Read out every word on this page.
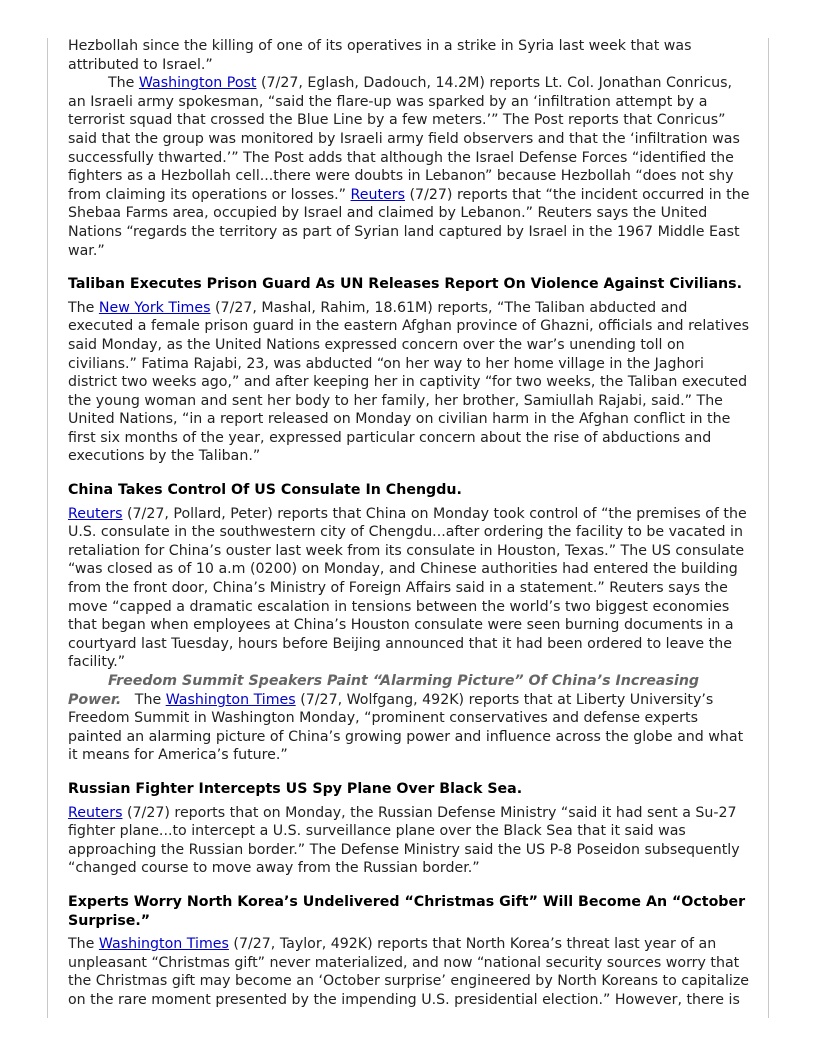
Hezbollah since the killing of one of its operatives in a strike in Syria last week that was attributed to Israel.”

The Washington Post (7/27, Eglash, Dadouch, 14.2M) reports Lt. Col. Jonathan Conricus, an Israeli army spokesman, “said the flare-up was sparked by an ‘infiltration attempt by a terrorist squad that crossed the Blue Line by a few meters.’” The Post reports that Conricus” said that the group was monitored by Israeli army field observers and that the ‘infiltration was successfully thwarted.’” The Post adds that although the Israel Defense Forces “identified the fighters as a Hezbollah cell...there were doubts in Lebanon” because Hezbollah “does not shy from claiming its operations or losses.” Reuters (7/27) reports that “the incident occurred in the Shebaa Farms area, occupied by Israel and claimed by Lebanon.” Reuters says the United Nations “regards the territory as part of Syrian land captured by Israel in the 1967 Middle East war.”

Taliban Executes Prison Guard As UN Releases Report On Violence Against Civilians.

The New York Times (7/27, Mashal, Rahim, 18.61M) reports, “The Taliban abducted and executed a female prison guard in the eastern Afghan province of Ghazni, officials and relatives said Monday, as the United Nations expressed concern over the war’s unending toll on civilians.” Fatima Rajabi, 23, was abducted “on her way to her home village in the Jaghori district two weeks ago,” and after keeping her in captivity “for two weeks, the Taliban executed the young woman and sent her body to her family, her brother, Samiullah Rajabi, said.” The United Nations, “in a report released on Monday on civilian harm in the Afghan conflict in the first six months of the year, expressed particular concern about the rise of abductions and executions by the Taliban.”

China Takes Control Of US Consulate In Chengdu.

Reuters (7/27, Pollard, Peter) reports that China on Monday took control of “the premises of the U.S. consulate in the southwestern city of Chengdu...after ordering the facility to be vacated in retaliation for China’s ouster last week from its consulate in Houston, Texas.” The US consulate “was closed as of 10 a.m (0200) on Monday, and Chinese authorities had entered the building from the front door, China’s Ministry of Foreign Affairs said in a statement.” Reuters says the move “capped a dramatic escalation in tensions between the world’s two biggest economies that began when employees at China’s Houston consulate were seen burning documents in a courtyard last Tuesday, hours before Beijing announced that it had been ordered to leave the facility.”

Freedom Summit Speakers Paint “Alarming Picture” Of China’s Increasing Power.   The Washington Times (7/27, Wolfgang, 492K) reports that at Liberty University’s Freedom Summit in Washington Monday, “prominent conservatives and defense experts painted an alarming picture of China’s growing power and influence across the globe and what it means for America’s future.”

Russian Fighter Intercepts US Spy Plane Over Black Sea.

Reuters (7/27) reports that on Monday, the Russian Defense Ministry “said it had sent a Su-27 fighter plane...to intercept a U.S. surveillance plane over the Black Sea that it said was approaching the Russian border.” The Defense Ministry said the US P-8 Poseidon subsequently “changed course to move away from the Russian border.”

Experts Worry North Korea’s Undelivered “Christmas Gift” Will Become An “October Surprise.”

The Washington Times (7/27, Taylor, 492K) reports that North Korea’s threat last year of an unpleasant “Christmas gift” never materialized, and now “national security sources worry that the Christmas gift may become an ‘October surprise’ engineered by North Koreans to capitalize on the rare moment presented by the impending U.S. presidential election.” However, there is
